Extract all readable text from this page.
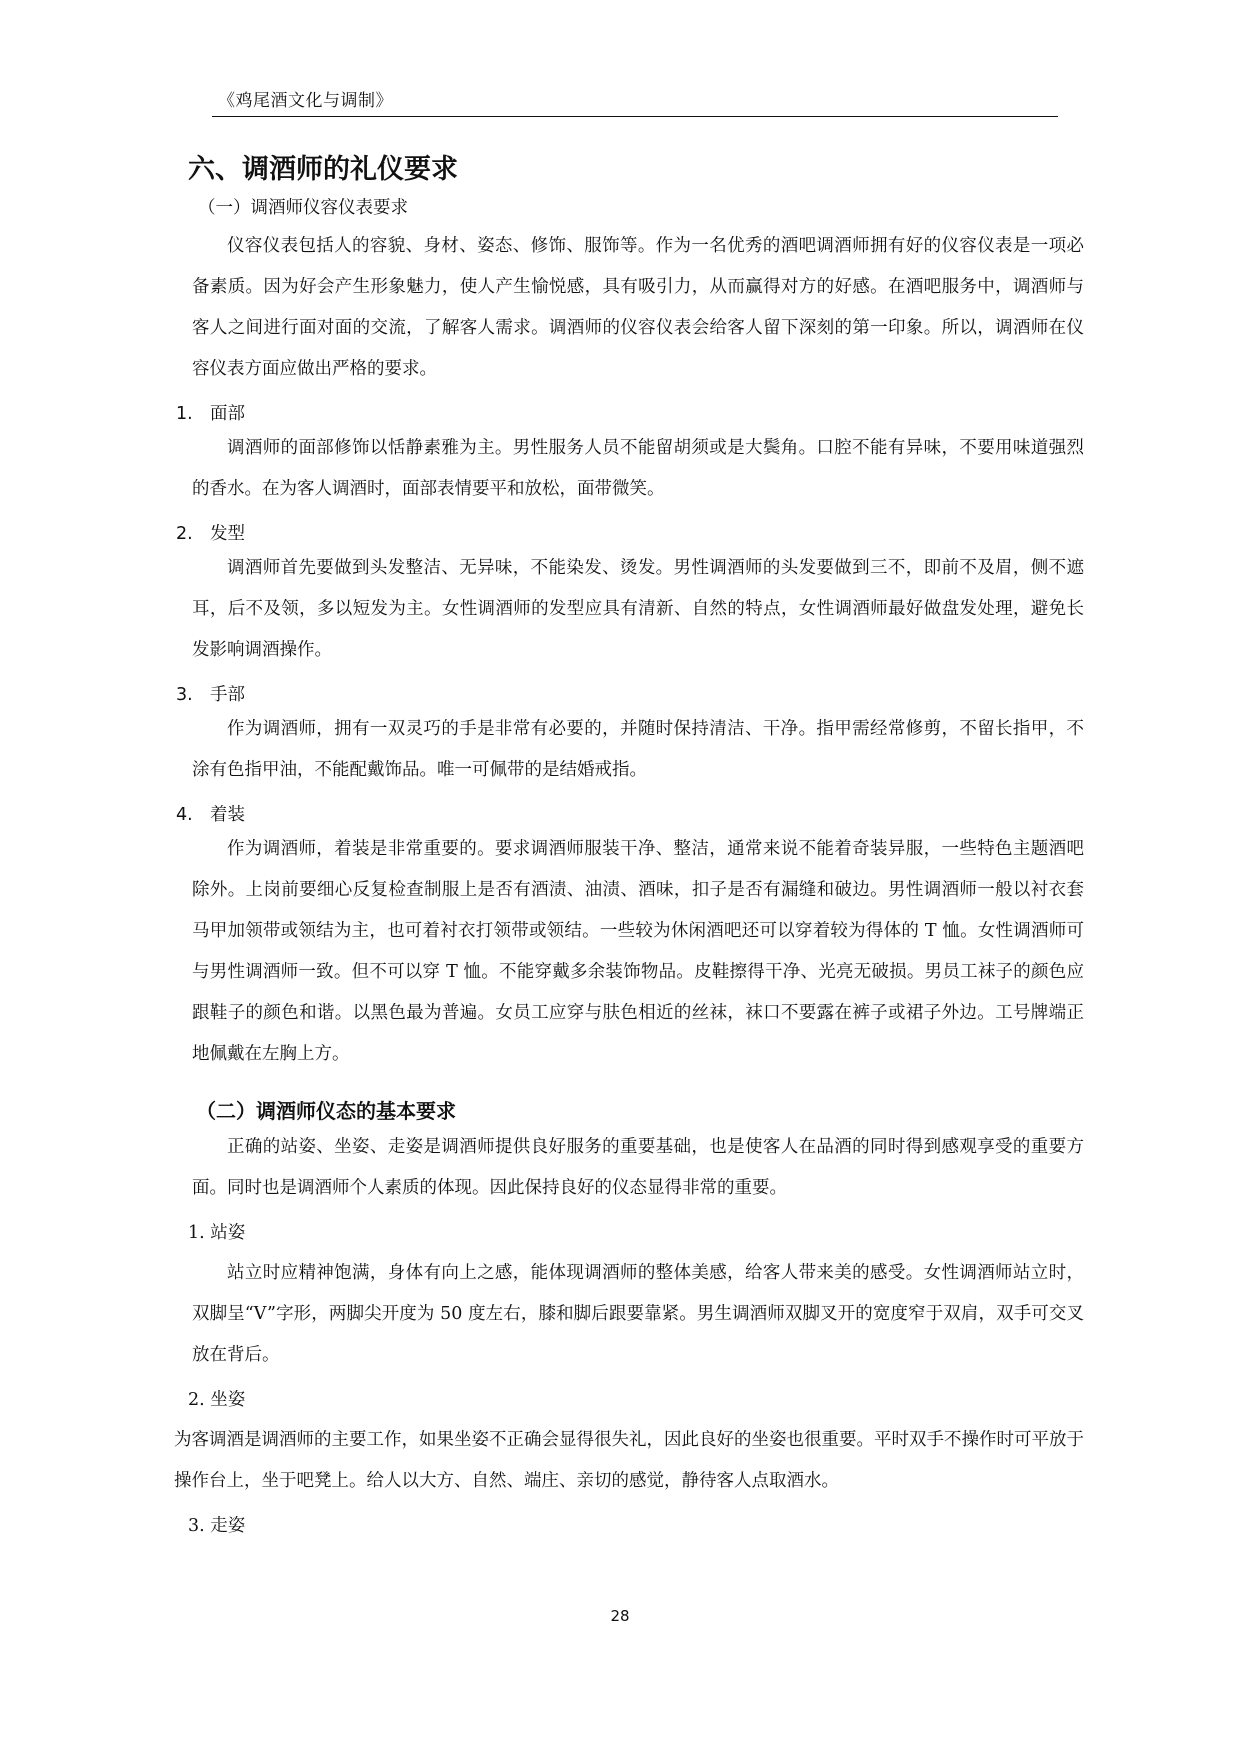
《鸡尾酒文化与调制》
六、调酒师的礼仪要求
（一）调酒师仪容仪表要求

仪容仪表包括人的容貌、身材、姿态、修饰、服饰等。作为一名优秀的酒吧调酒师拥有好的仪容仪表是一项必备素质。因为好会产生形象魅力，使人产生愉悦感，具有吸引力，从而赢得对方的好感。在酒吧服务中，调酒师与客人之间进行面对面的交流，了解客人需求。调酒师的仪容仪表会给客人留下深刻的第一印象。所以，调酒师在仪容仪表方面应做出严格的要求。

1. 面部

调酒师的面部修饰以恬静素雅为主。男性服务人员不能留胡须或是大鬓角。口腔不能有异味，不要用味道强烈的香水。在为客人调酒时，面部表情要平和放松，面带微笑。

2. 发型

调酒师首先要做到头发整洁、无异味，不能染发、烫发。男性调酒师的头发要做到三不，即前不及眉，侧不遮耳，后不及领，多以短发为主。女性调酒师的发型应具有清新、自然的特点，女性调酒师最好做盘发处理，避免长发影响调酒操作。

3. 手部

作为调酒师，拥有一双灵巧的手是非常有必要的，并随时保持清洁、干净。指甲需经常修剪，不留长指甲，不涂有色指甲油，不能配戴饰品。唯一可佩带的是结婚戒指。

4. 着装

作为调酒师，着装是非常重要的。要求调酒师服装干净、整洁，通常来说不能着奇装异服，一些特色主题酒吧除外。上岗前要细心反复检查制服上是否有酒渍、油渍、酒味，扣子是否有漏缝和破边。男性调酒师一般以衬衣套马甲加领带或领结为主，也可着衬衣打领带或领结。一些较为休闲酒吧还可以穿着较为得体的 T 恤。女性调酒师可与男性调酒师一致。但不可以穿 T 恤。不能穿戴多余装饰物品。皮鞋擦得干净、光亮无破损。男员工袜子的颜色应跟鞋子的颜色和谐。以黑色最为普遍。女员工应穿与肤色相近的丝袜，袜口不要露在裤子或裙子外边。工号牌端正地佩戴在左胸上方。

（二）调酒师仪态的基本要求

正确的站姿、坐姿、走姿是调酒师提供良好服务的重要基础，也是使客人在品酒的同时得到感观享受的重要方面。同时也是调酒师个人素质的体现。因此保持良好的仪态显得非常的重要。

1. 站姿

站立时应精神饱满，身体有向上之感，能体现调酒师的整体美感，给客人带来美的感受。女性调酒师站立时，双脚呈“V”字形，两脚尖开度为 50 度左右，膝和脚后跟要靠紧。男生调酒师双脚叉开的宽度窄于双肩，双手可交叉放在背后。

2. 坐姿

为客调酒是调酒师的主要工作，如果坐姿不正确会显得很失礼，因此良好的坐姿也很重要。平时双手不操作时可平放于操作台上，坐于吧凳上。给人以大方、自然、端庄、亲切的感觉，静待客人点取酒水。

3. 走姿
28
